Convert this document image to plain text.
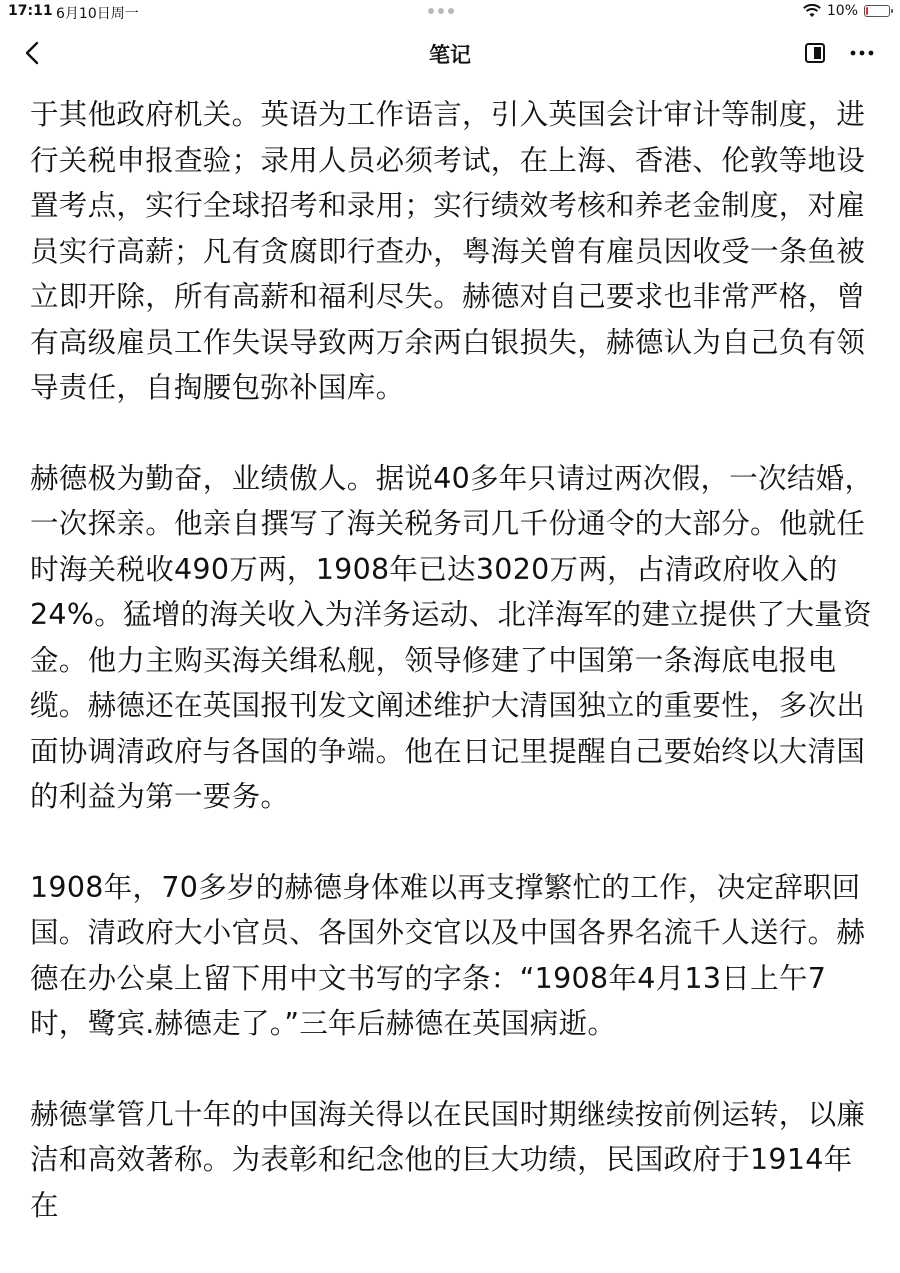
17:11 6月10日周一	10%
笔记

于其他政府机关。英语为工作语言，引入英国会计审计等制度，进行关税申报查验；录用人员必须考试，在上海、香港、伦敦等地设置考点，实行全球招考和录用；实行绩效考核和养老金制度，对雇员实行高薪；凡有贪腐即行查办，粤海关曾有雇员因收受一条鱼被立即开除，所有高薪和福利尽失。赫德对自己要求也非常严格，曾有高级雇员工作失误导致两万余两白银损失，赫德认为自己负有领导责任，自掏腰包弥补国库。

赫德极为勤奋，业绩傲人。据说40多年只请过两次假，一次结婚，一次探亲。他亲自撰写了海关税务司几千份通令的大部分。他就任时海关税收490万两，1908年已达3020万两，占清政府收入的24%。猛增的海关收入为洋务运动、北洋海军的建立提供了大量资金。他力主购买海关缉私舰，领导修建了中国第一条海底电报电缆。赫德还在英国报刊发文阐述维护大清国独立的重要性，多次出面协调清政府与各国的争端。他在日记里提醒自己要始终以大清国的利益为第一要务。

1908年，70多岁的赫德身体难以再支撑繁忙的工作，决定辞职回国。清政府大小官员、各国外交官以及中国各界名流千人送行。赫德在办公桌上留下用中文书写的字条：“1908年4月13日上午7时，鹭宾.赫德走了。”三年后赫德在英国病逝。

赫德掌管几十年的中国海关得以在民国时期继续按前例运转，以廉洁和高效著称。为表彰和纪念他的巨大功绩，民国政府于1914年在
